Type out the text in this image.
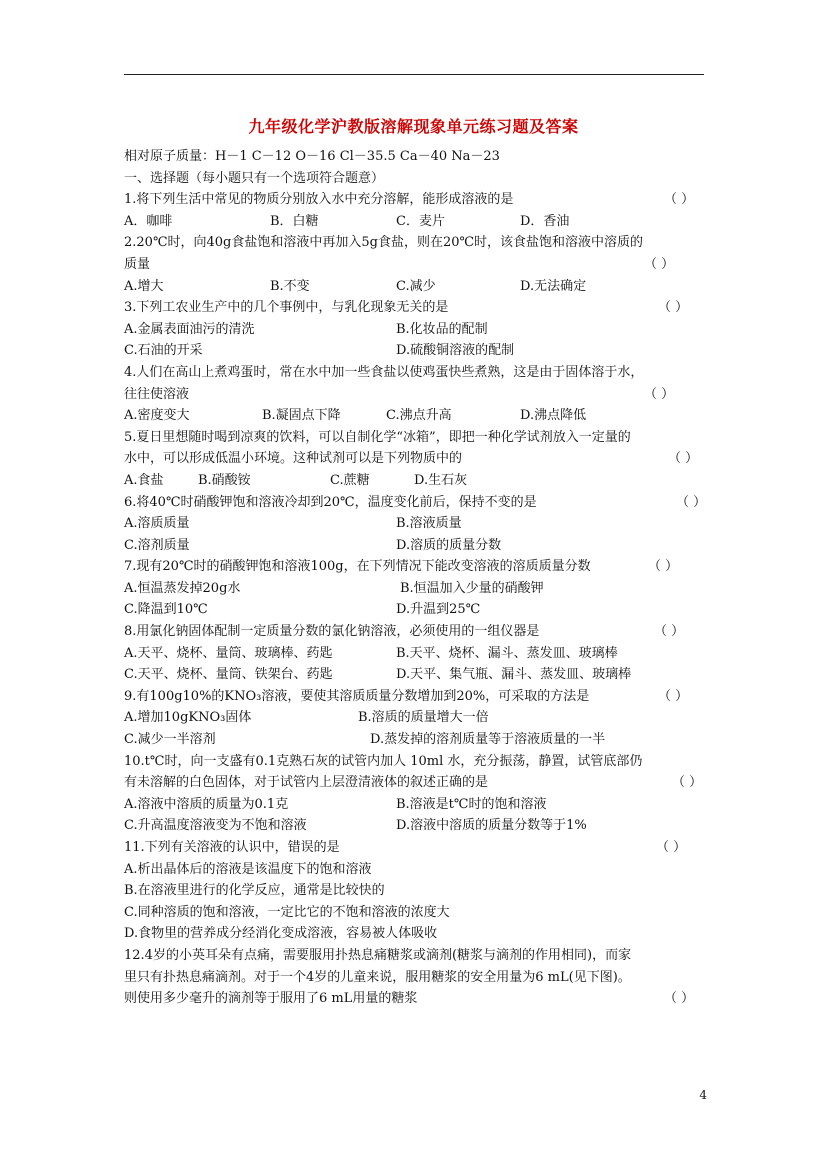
九年级化学沪教版溶解现象单元练习题及答案
相对原子质量：H－1 C－12 O－16 Cl－35.5 Ca－40 Na－23
一、选择题（每小题只有一个选项符合题意）
1.将下列生活中常见的物质分别放入水中充分溶解，能形成溶液的是	（ ）
A．咖啡	B．白糖	C．麦片	D．香油
2.20℃时，向40g食盐饱和溶液中再加入5g食盐，则在20℃时，该食盐饱和溶液中溶质的
质量	（ ）
A.增大	B.不变	C.减少	D.无法确定
3.下列工农业生产中的几个事例中，与乳化现象无关的是	（ ）
A.金属表面油污的清洗	B.化妆品的配制
C.石油的开采	D.硫酸铜溶液的配制
4.人们在高山上煮鸡蛋时，常在水中加一些食盐以使鸡蛋快些煮熟，这是由于固体溶于水，
往往使溶液	（ ）
A.密度变大	B.凝固点下降	C.沸点升高	D.沸点降低
5.夏日里想随时喝到凉爽的饮料，可以自制化学“冰箱”，即把一种化学试剂放入一定量的
水中，可以形成低温小环境。这种试剂可以是下列物质中的	（ ）
A.食盐	B.硝酸铵	C.蔗糖	D.生石灰
6.将40℃时硝酸钾饱和溶液冷却到20℃，温度变化前后，保持不变的是	（ ）
A.溶质质量	B.溶液质量
C.溶剂质量	D.溶质的质量分数
7.现有20℃时的硝酸钾饱和溶液100g，在下列情况下能改变溶液的溶质质量分数	（ ）
A.恒温蒸发掉20g水	B.恒温加入少量的硝酸钾
C.降温到10℃	D.升温到25℃
8.用氯化钠固体配制一定质量分数的氯化钠溶液，必须使用的一组仪器是	（ ）
A.天平、烧杯、量筒、玻璃棒、药匙	B.天平、烧杯、漏斗、蒸发皿、玻璃棒
C.天平、烧杯、量筒、铁架台、药匙	D.天平、集气瓶、漏斗、蒸发皿、玻璃棒
9.有100g10%的KNO₃溶液，要使其溶质质量分数增加到20%，可采取的方法是	（ ）
A.增加10gKNO₃固体	B.溶质的质量增大一倍
C.减少一半溶剂	D.蒸发掉的溶剂质量等于溶液质量的一半
10.t℃时，向一支盛有0.1克熟石灰的试管内加人 10ml 水，充分振荡，静置，试管底部仍
有未溶解的白色固体，对于试管内上层澄清液体的叙述正确的是	（ ）
A.溶液中溶质的质量为0.1克	B.溶液是t℃时的饱和溶液
C.升高温度溶液变为不饱和溶液	D.溶液中溶质的质量分数等于1%
11.下列有关溶液的认识中，错误的是	（ ）
A.析出晶体后的溶液是该温度下的饱和溶液
B.在溶液里进行的化学反应，通常是比较快的
C.同种溶质的饱和溶液，一定比它的不饱和溶液的浓度大
D.食物里的营养成分经消化变成溶液，容易被人体吸收
12.4岁的小英耳朵有点痛，需要服用扑热息痛糖浆或滴剂(糖浆与滴剂的作用相同)，而家
里只有扑热息痛滴剂。对于一个4岁的儿童来说，服用糖浆的安全用量为6 mL(见下图)。
则使用多少毫升的滴剂等于服用了6 mL用量的糖浆	（ ）
4
